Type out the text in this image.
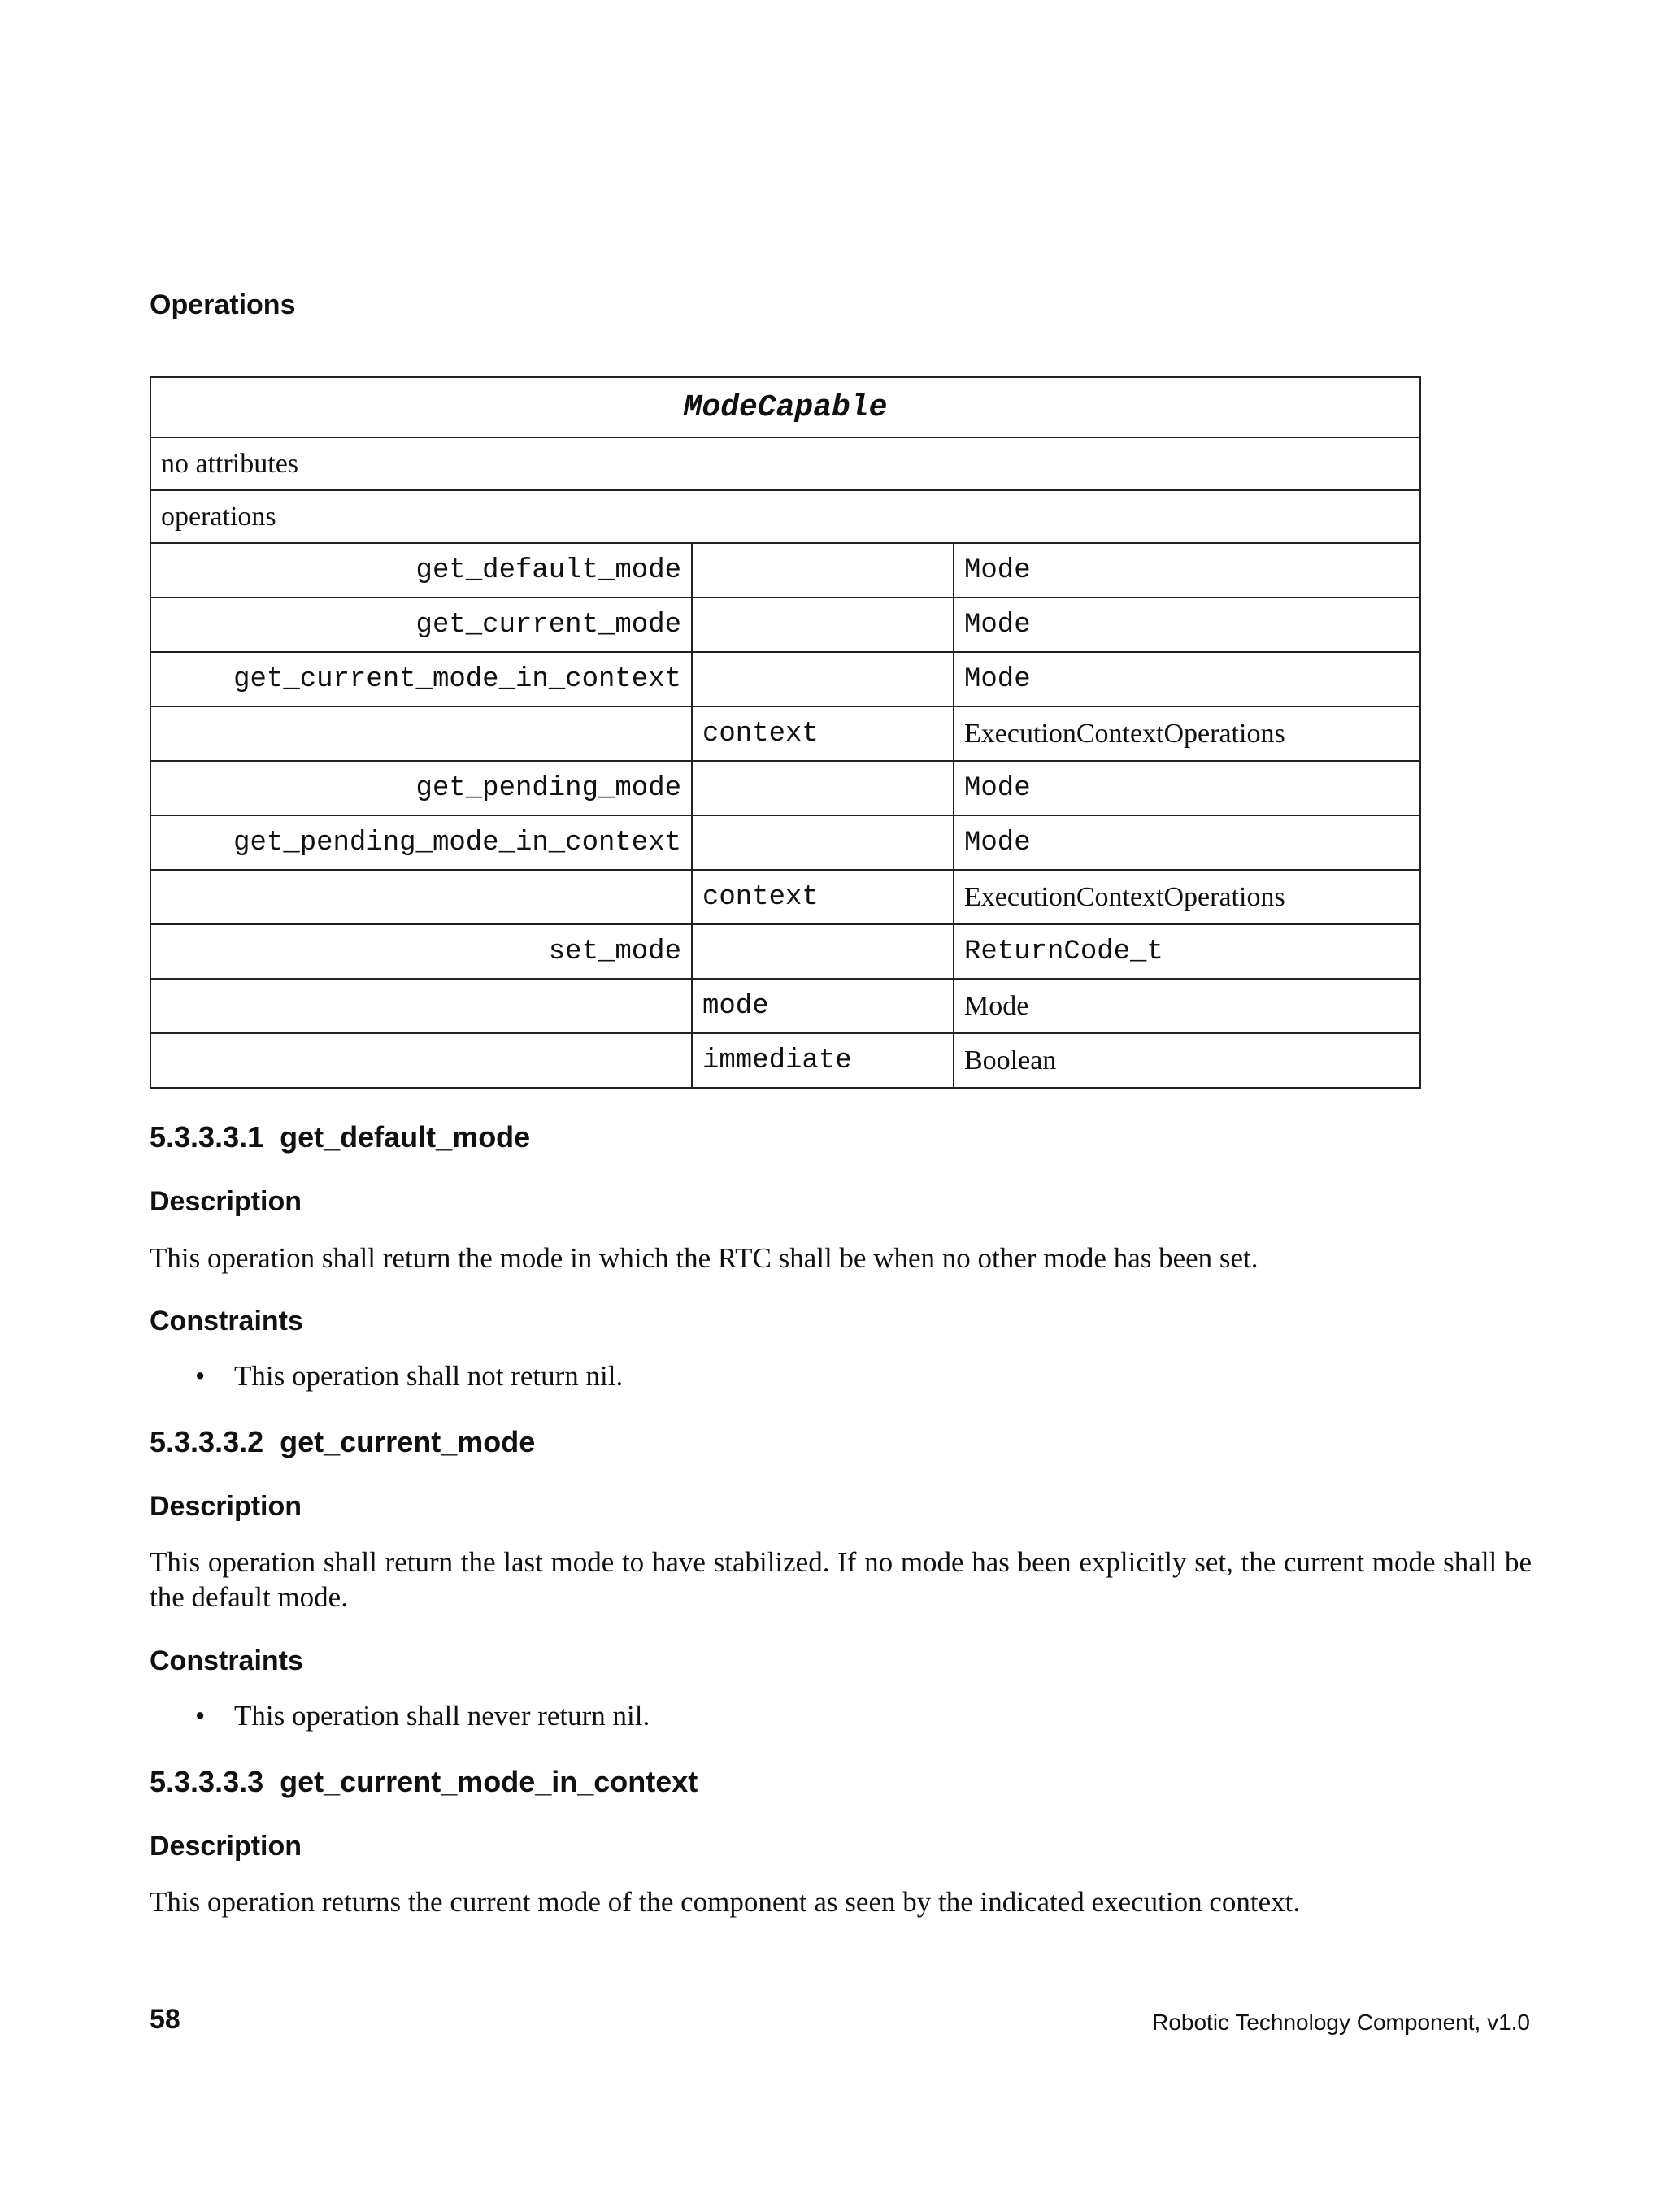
Operations
ModeCapable		
no attributes		
operations		
get_default_mode		Mode
get_current_mode		Mode
get_current_mode_in_context		Mode
	context	ExecutionContextOperations
get_pending_mode		Mode
get_pending_mode_in_context		Mode
	context	ExecutionContextOperations
set_mode		ReturnCode_t
	mode	Mode
	immediate	Boolean
5.3.3.3.1 get_default_mode
Description
This operation shall return the mode in which the RTC shall be when no other mode has been set.
Constraints
• This operation shall not return nil.
5.3.3.3.2 get_current_mode
Description
This operation shall return the last mode to have stabilized. If no mode has been explicitly set, the current mode shall be the default mode.
Constraints
• This operation shall never return nil.
5.3.3.3.3 get_current_mode_in_context
Description
This operation returns the current mode of the component as seen by the indicated execution context.
58	Robotic Technology Component, v1.0
